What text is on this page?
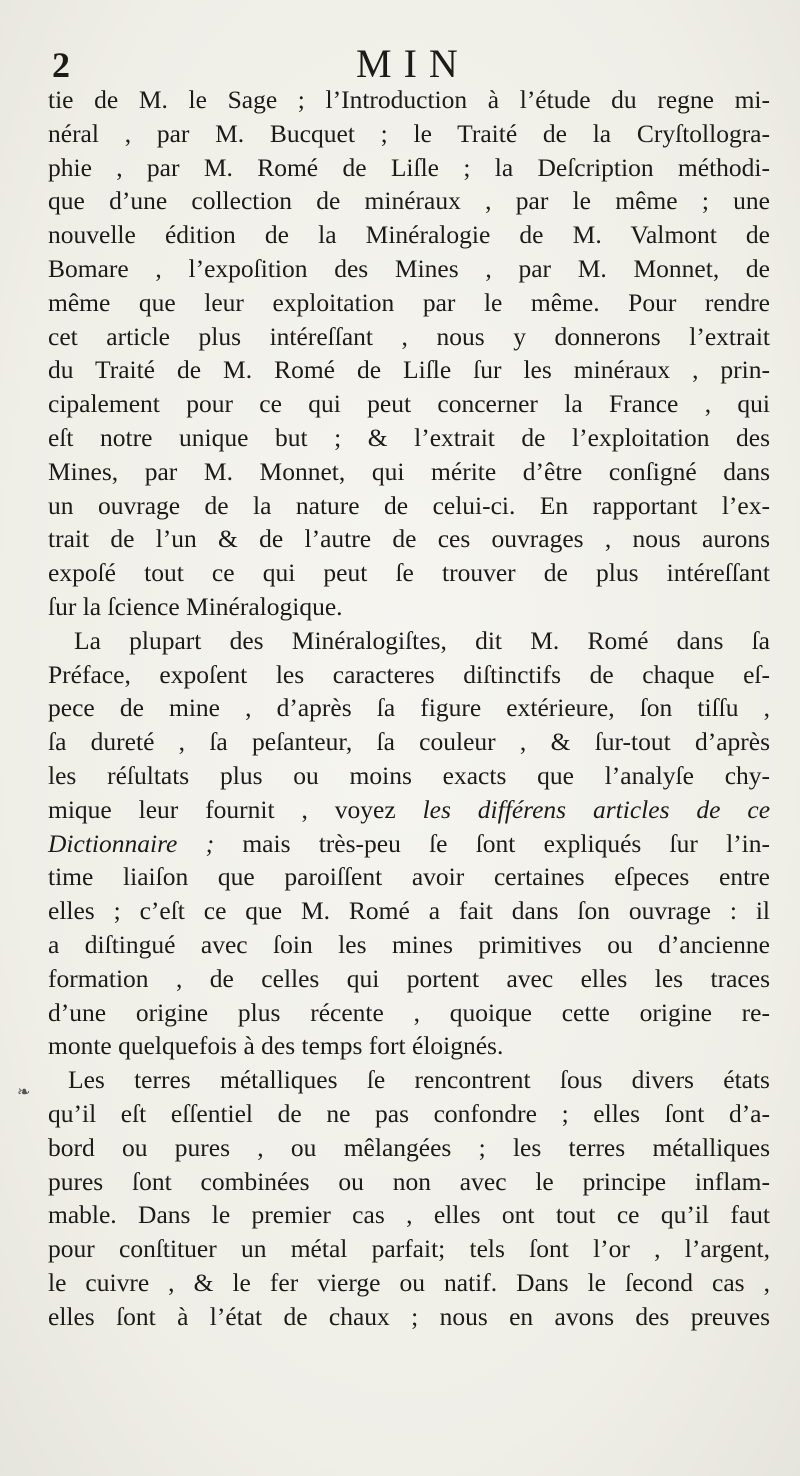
2	MIN
tie de M. le Sage ; l’Introduction à l’étude du regne mi-
néral , par M. Bucquet ; le Traité de la Cryſtollogra-
phie , par M. Romé de Liſle ; la Deſcription méthodi-
que d’une collection de minéraux , par le même ; une
nouvelle édition de la Minéralogie de M. Valmont de
Bomare , l’expoſition des Mines , par M. Monnet, de
même que leur exploitation par le même. Pour rendre
cet article plus intéreſſant , nous y donnerons l’extrait
du Traité de M. Romé de Liſle ſur les minéraux , prin-
cipalement pour ce qui peut concerner la France , qui
eſt notre unique but ; & l’extrait de l’exploitation des
Mines, par M. Monnet, qui mérite d’être conſigné dans
un ouvrage de la nature de celui-ci. En rapportant l’ex-
trait de l’un & de l’autre de ces ouvrages , nous aurons
expoſé tout ce qui peut ſe trouver de plus intéreſſant
ſur la ſcience Minéralogique.
La plupart des Minéralogiſtes, dit M. Romé dans ſa
Préface, expoſent les caracteres diſtinctifs de chaque eſ-
pece de mine , d’après ſa figure extérieure, ſon tiſſu ,
ſa dureté , ſa peſanteur, ſa couleur , & ſur-tout d’après
les réſultats plus ou moins exacts que l’analyſe chy-
mique leur fournit , voyez les différens articles de ce
Dictionnaire ; mais très-peu ſe ſont expliqués ſur l’in-
time liaiſon que paroiſſent avoir certaines eſpeces entre
elles ; c’eſt ce que M. Romé a fait dans ſon ouvrage : il
a diſtingué avec ſoin les mines primitives ou d’ancienne
formation , de celles qui portent avec elles les traces
d’une origine plus récente , quoique cette origine re-
monte quelquefois à des temps fort éloignés.
Les terres métalliques ſe rencontrent ſous divers états
qu’il eſt eſſentiel de ne pas confondre ; elles ſont d’a-
bord ou pures , ou mêlangées ; les terres métalliques
pures ſont combinées ou non avec le principe inflam-
mable. Dans le premier cas , elles ont tout ce qu’il faut
pour conſtituer un métal parfait; tels ſont l’or , l’argent,
le cuivre , & le fer vierge ou natif. Dans le ſecond cas ,
elles ſont à l’état de chaux ; nous en avons des preuves
❧
